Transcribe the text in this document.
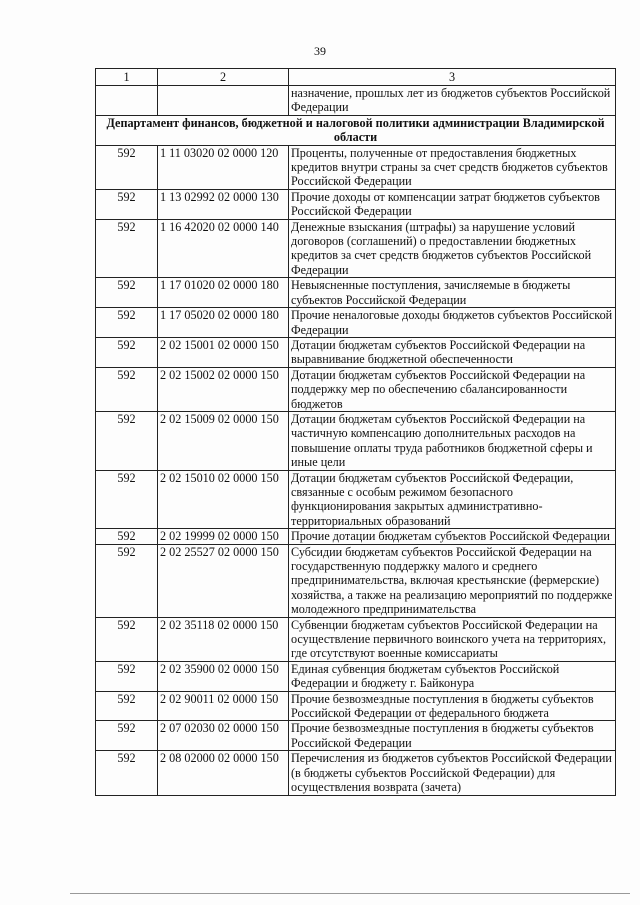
39
1	2	3
		назначение, прошлых лет из бюджетов субъектов Российской Федерации
Департамент финансов, бюджетной и налоговой политики администрации Владимирской области		
592	1 11 03020 02 0000 120	Проценты, полученные от предоставления бюджетных кредитов внутри страны за счет средств бюджетов субъектов Российской Федерации
592	1 13 02992 02 0000 130	Прочие доходы от компенсации затрат бюджетов субъектов Российской Федерации
592	1 16 42020 02 0000 140	Денежные взыскания (штрафы) за нарушение условий договоров (соглашений) о предоставлении бюджетных кредитов за счет средств бюджетов субъектов Российской Федерации
592	1 17 01020 02 0000 180	Невыясненные поступления, зачисляемые в бюджеты субъектов Российской Федерации
592	1 17 05020 02 0000 180	Прочие неналоговые доходы бюджетов субъектов Российской Федерации
592	2 02 15001 02 0000 150	Дотации бюджетам субъектов Российской Федерации на выравнивание бюджетной обеспеченности
592	2 02 15002 02 0000 150	Дотации бюджетам субъектов Российской Федерации на поддержку мер по обеспечению сбалансированности бюджетов
592	2 02 15009 02 0000 150	Дотации бюджетам субъектов Российской Федерации на частичную компенсацию дополнительных расходов на повышение оплаты труда работников бюджетной сферы и иные цели
592	2 02 15010 02 0000 150	Дотации бюджетам субъектов Российской Федерации, связанные с особым режимом безопасного функционирования закрытых административно-территориальных образований
592	2 02 19999 02 0000 150	Прочие дотации бюджетам субъектов Российской Федерации
592	2 02 25527 02 0000 150	Субсидии бюджетам субъектов Российской Федерации на государственную поддержку малого и среднего предпринимательства, включая крестьянские (фермерские) хозяйства, а также на реализацию мероприятий по поддержке молодежного предпринимательства
592	2 02 35118 02 0000 150	Субвенции бюджетам субъектов Российской Федерации на осуществление первичного воинского учета на территориях, где отсутствуют военные комиссариаты
592	2 02 35900 02 0000 150	Единая субвенция бюджетам субъектов Российской Федерации и бюджету г. Байконура
592	2 02 90011 02 0000 150	Прочие безвозмездные поступления в бюджеты субъектов Российской Федерации от федерального бюджета
592	2 07 02030 02 0000 150	Прочие безвозмездные поступления в бюджеты субъектов Российской Федерации
592	2 08 02000 02 0000 150	Перечисления из бюджетов субъектов Российской Федерации (в бюджеты субъектов Российской Федерации) для осуществления возврата (зачета)
